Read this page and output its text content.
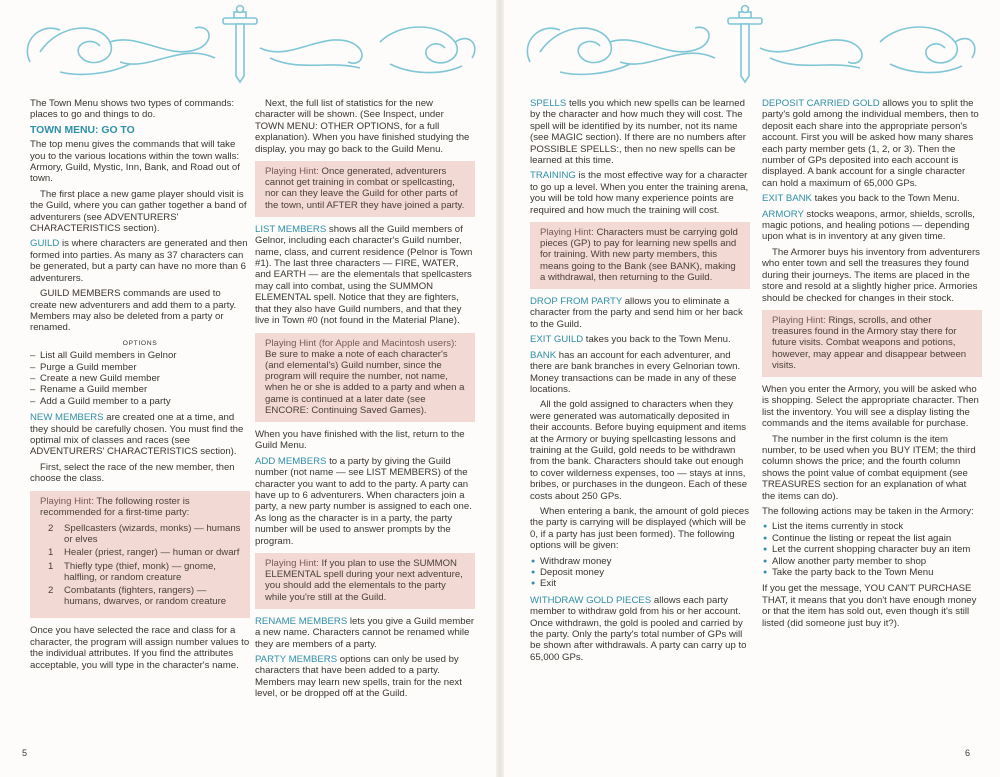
The Town Menu shows two types of commands: places to go and things to do.

TOWN MENU: GO TO

The top menu gives the commands that will take you to the various locations within the town walls: Armory, Guild, Mystic, Inn, Bank, and Road out of town.

The first place a new game player should visit is the Guild, where you can gather together a band of adventurers (see ADVENTURERS' CHARACTERISTICS section).

GUILD is where characters are generated and then formed into parties. As many as 37 characters can be generated, but a party can have no more than 6 adventurers.

GUILD MEMBERS commands are used to create new adventurers and add them to a party. Members may also be deleted from a party or renamed.

OPTIONS
– List all Guild members in Gelnor
– Purge a Guild member
– Create a new Guild member
– Rename a Guild member
– Add a Guild member to a party

NEW MEMBERS are created one at a time, and they should be carefully chosen. You must find the optimal mix of classes and races (see ADVENTURERS' CHARACTERISTICS section).

First, select the race of the new member, then choose the class.

Playing Hint: The following roster is recommended for a first-time party:

2 Spellcasters (wizards, monks) — humans or elves
1 Healer (priest, ranger) — human or dwarf
1 Thiefly type (thief, monk) — gnome, halfling, or random creature
2 Combatants (fighters, rangers) — humans, dwarves, or random creature

Once you have selected the race and class for a character, the program will assign number values to the individual attributes. If you find the attributes acceptable, you will type in the character's name.

Next, the full list of statistics for the new character will be shown. (See Inspect, under TOWN MENU: OTHER OPTIONS, for a full explanation). When you have finished studying the display, you may go back to the Guild Menu.

Playing Hint: Once generated, adventurers cannot get training in combat or spellcasting, nor can they leave the Guild for other parts of the town, until AFTER they have joined a party.

LIST MEMBERS shows all the Guild members of Gelnor, including each character's Guild number, name, class, and current residence (Pelnor is Town #1). The last three characters — FIRE, WATER, and EARTH — are the elementals that spellcasters may call into combat, using the SUMMON ELEMENTAL spell. Notice that they are fighters, that they also have Guild numbers, and that they live in Town #0 (not found in the Material Plane).

Playing Hint (for Apple and Macintosh users): Be sure to make a note of each character's (and elemental's) Guild number, since the program will require the number, not name, when he or she is added to a party and when a game is continued at a later date (see ENCORE: Continuing Saved Games).

When you have finished with the list, return to the Guild Menu.

ADD MEMBERS to a party by giving the Guild number (not name — see LIST MEMBERS) of the character you want to add to the party. A party can have up to 6 adventurers. When characters join a party, a new party number is assigned to each one. As long as the character is in a party, the party number will be used to answer prompts by the program.

Playing Hint: If you plan to use the SUMMON ELEMENTAL spell during your next adventure, you should add the elementals to the party while you're still at the Guild.

RENAME MEMBERS lets you give a Guild member a new name. Characters cannot be renamed while they are members of a party.

PARTY MEMBERS options can only be used by characters that have been added to a party. Members may learn new spells, train for the next level, or be dropped off at the Guild.

5

SPELLS tells you which new spells can be learned by the character and how much they will cost. The spell will be identified by its number, not its name (see MAGIC section). If there are no numbers after POSSIBLE SPELLS:, then no new spells can be learned at this time.

TRAINING is the most effective way for a character to go up a level. When you enter the training arena, you will be told how many experience points are required and how much the training will cost.

Playing Hint: Characters must be carrying gold pieces (GP) to pay for learning new spells and for training. With new party members, this means going to the Bank (see BANK), making a withdrawal, then returning to the Guild.

DROP FROM PARTY allows you to eliminate a character from the party and send him or her back to the Guild.

EXIT GUILD takes you back to the Town Menu.

BANK has an account for each adventurer, and there are bank branches in every Gelnorian town. Money transactions can be made in any of these locations.

All the gold assigned to characters when they were generated was automatically deposited in their accounts. Before buying equipment and items at the Armory or buying spellcasting lessons and training at the Guild, gold needs to be withdrawn from the bank. Characters should take out enough to cover wilderness expenses, too — stays at inns, bribes, or purchases in the dungeon. Each of these costs about 250 GPs.

When entering a bank, the amount of gold pieces the party is carrying will be displayed (which will be 0, if a party has just been formed). The following options will be given:

● Withdraw money
● Deposit money
● Exit

WITHDRAW GOLD PIECES allows each party member to withdraw gold from his or her account. Once withdrawn, the gold is pooled and carried by the party. Only the party's total number of GPs will be shown after withdrawals. A party can carry up to 65,000 GPs.

DEPOSIT CARRIED GOLD allows you to split the party's gold among the individual members, then to deposit each share into the appropriate person's account. First you will be asked how many shares each party member gets (1, 2, or 3). Then the number of GPs deposited into each account is displayed. A bank account for a single character can hold a maximum of 65,000 GPs.

EXIT BANK takes you back to the Town Menu.

ARMORY stocks weapons, armor, shields, scrolls, magic potions, and healing potions — depending upon what is in inventory at any given time.

The Armorer buys his inventory from adventurers who enter town and sell the treasures they found during their journeys. The items are placed in the store and resold at a slightly higher price. Armories should be checked for changes in their stock.

Playing Hint: Rings, scrolls, and other treasures found in the Armory stay there for future visits. Combat weapons and potions, however, may appear and disappear between visits.

When you enter the Armory, you will be asked who is shopping. Select the appropriate character. Then list the inventory. You will see a display listing the commands and the items available for purchase.

The number in the first column is the item number, to be used when you BUY ITEM; the third column shows the price; and the fourth column shows the point value of combat equipment (see TREASURES section for an explanation of what the items can do).

The following actions may be taken in the Armory:

● List the items currently in stock
● Continue the listing or repeat the list again
● Let the current shopping character buy an item
● Allow another party member to shop
● Take the party back to the Town Menu

If you get the message, YOU CAN'T PURCHASE THAT, it means that you don't have enough money or that the item has sold out, even though it's still listed (did someone just buy it?).

6
